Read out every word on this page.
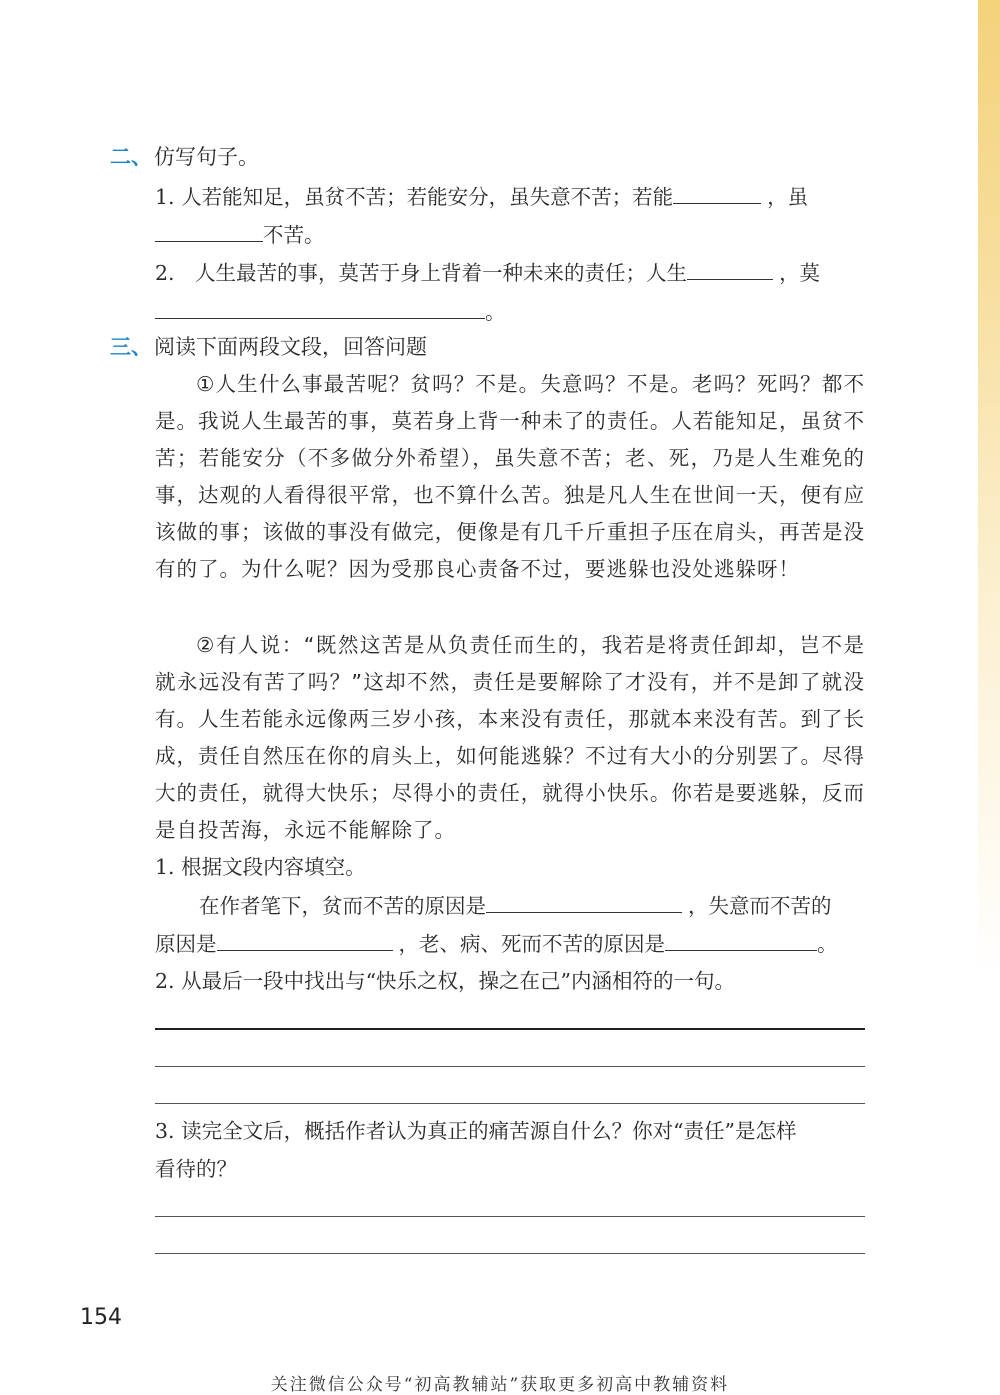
二、仿写句子。
1. 人若能知足，虽贫不苦；若能安分，虽失意不苦；若能	，虽
不苦。
2.　人生最苦的事，莫苦于身上背着一种未来的责任；人生	，莫
。
三、阅读下面两段文段，回答问题
①人生什么事最苦呢？贫吗？不是。失意吗？不是。老吗？死吗？都不是。我说人生最苦的事，莫若身上背一种未了的责任。人若能知足，虽贫不苦；若能安分（不多做分外希望），虽失意不苦；老、死，乃是人生难免的事，达观的人看得很平常，也不算什么苦。独是凡人生在世间一天，便有应该做的事；该做的事没有做完，便像是有几千斤重担子压在肩头，再苦是没有的了。为什么呢？因为受那良心责备不过，要逃躲也没处逃躲呀！
②有人说：“既然这苦是从负责任而生的，我若是将责任卸却，岂不是就永远没有苦了吗？”这却不然，责任是要解除了才没有，并不是卸了就没有。人生若能永远像两三岁小孩，本来没有责任，那就本来没有苦。到了长成，责任自然压在你的肩头上，如何能逃躲？不过有大小的分别罢了。尽得大的责任，就得大快乐；尽得小的责任，就得小快乐。你若是要逃躲，反而是自投苦海，永远不能解除了。
1. 根据文段内容填空。
在作者笔下，贫而不苦的原因是	，失意而不苦的
原因是	，老、病、死而不苦的原因是	。
2. 从最后一段中找出与“快乐之权，操之在己”内涵相符的一句。
3. 读完全文后，概括作者认为真正的痛苦源自什么？你对“责任”是怎样
看待的？
154
关注微信公众号“初高教辅站”获取更多初高中教辅资料
